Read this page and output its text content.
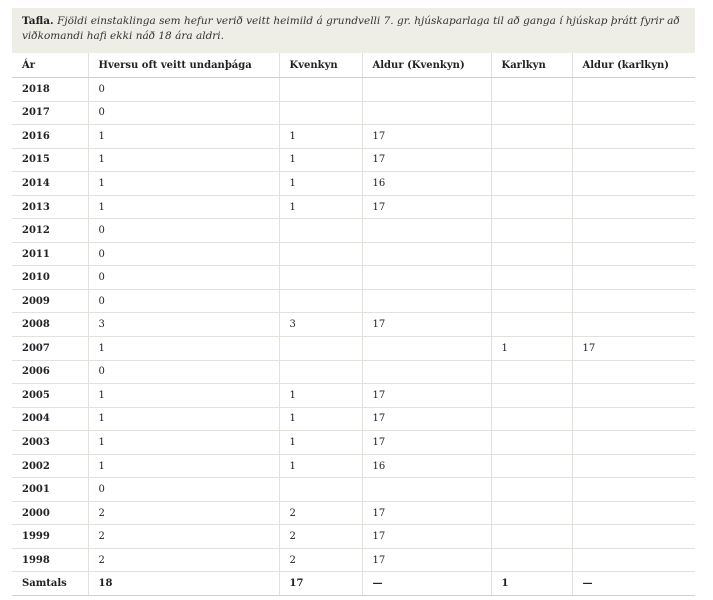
Tafla. Fjöldi einstaklinga sem hefur verið veitt heimild á grundvelli 7. gr. hjúskaparlaga til að ganga í hjúskap þrátt fyrir að viðkomandi hafi ekki náð 18 ára aldri.
Ár	Hversu oft veitt undanþága	Kvenkyn	Aldur (Kvenkyn)	Karlkyn	Aldur (karlkyn)
2018	0				
2017	0				
2016	1	1	17		
2015	1	1	17		
2014	1	1	16		
2013	1	1	17		
2012	0				
2011	0				
2010	0				
2009	0				
2008	3	3	17		
2007	1			1	17
2006	0				
2005	1	1	17		
2004	1	1	17		
2003	1	1	17		
2002	1	1	16		
2001	0				
2000	2	2	17		
1999	2	2	17		
1998	2	2	17		
Samtals	18	17	—	1	—
